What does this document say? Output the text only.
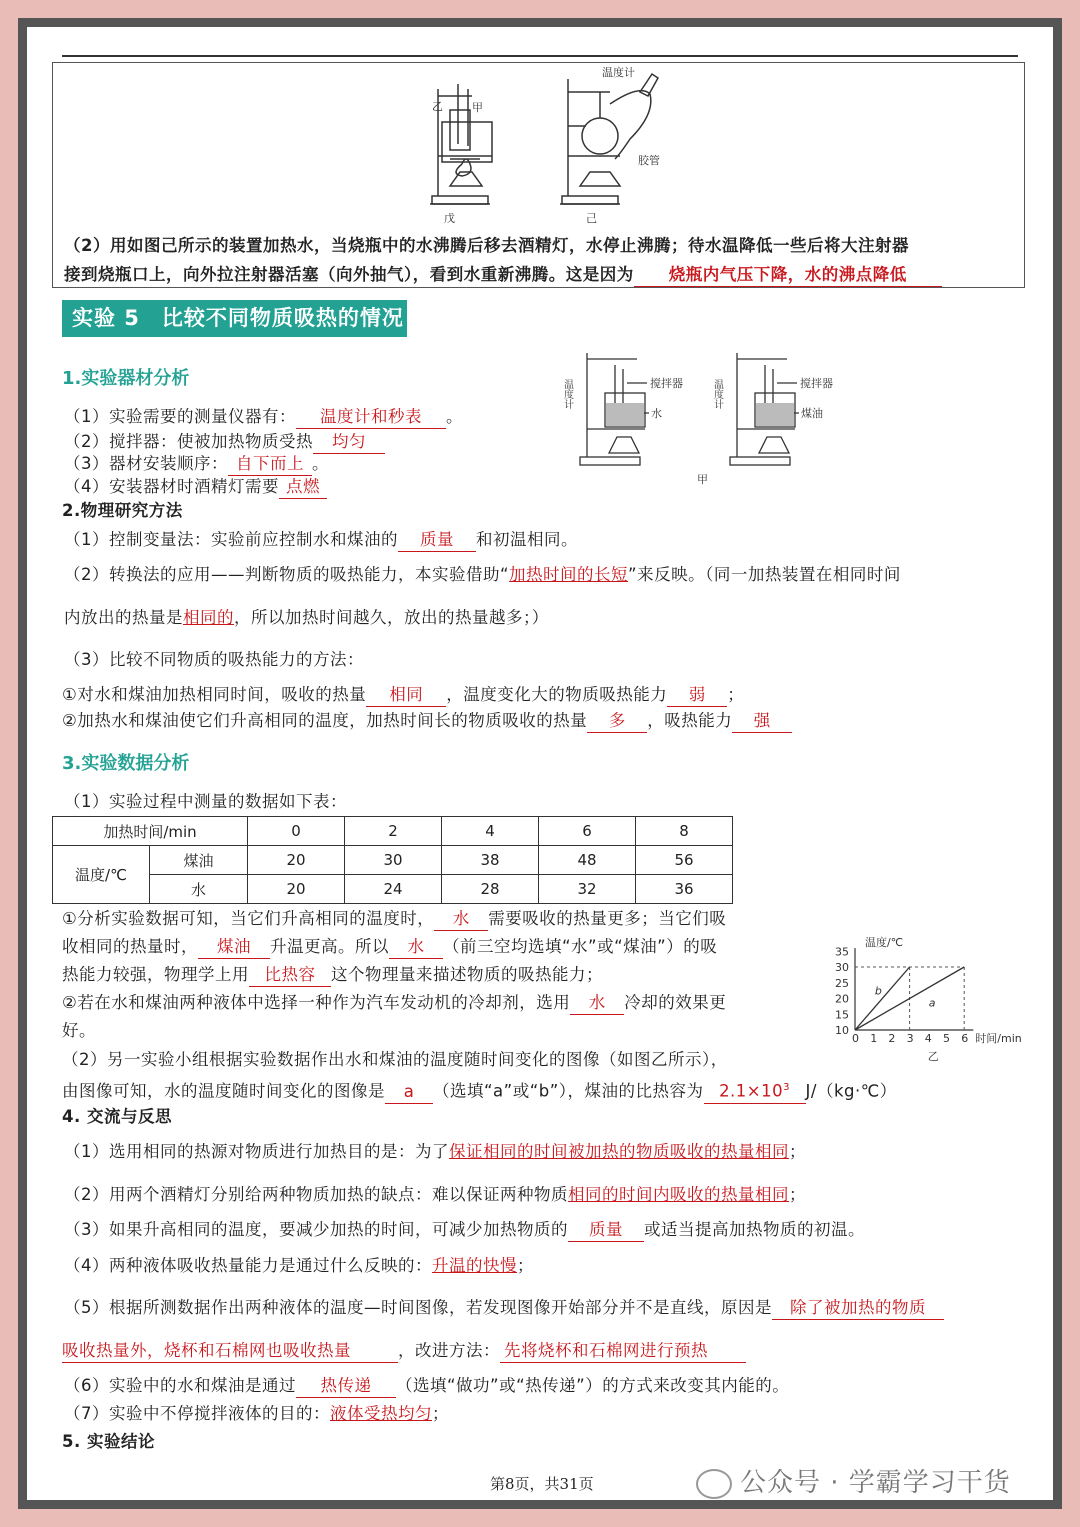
乙	甲
温度计
胶管
戊	己
（2）用如图己所示的装置加热水，当烧瓶中的水沸腾后移去酒精灯，水停止沸腾；待水温降低一些后将大注射器
接到烧瓶口上，向外拉注射器活塞（向外抽气），看到水重新沸腾。这是因为 烧瓶内气压下降，水的沸点降低
实验 5　比较不同物质吸热的情况
1.实验器材分析
（1）实验需要的测量仪器有： 温度计和秒表 。
（2）搅拌器：使被加热物质受热 均匀
（3）器材安装顺序： 自下而上 。
（4）安装器材时酒精灯需要 点燃
温度计	温度计
搅拌器
水
搅拌器
煤油
甲
2.物理研究方法
（1）控制变量法：实验前应控制水和煤油的 质量 和初温相同。
（2）转换法的应用——判断物质的吸热能力，本实验借助“加热时间的长短”来反映。（同一加热装置在相同时间
内放出的热量是相同的，所以加热时间越久，放出的热量越多；）
（3）比较不同物质的吸热能力的方法：
①对水和煤油加热相同时间，吸收的热量 相同 ，温度变化大的物质吸热能力 弱 ；
②加热水和煤油使它们升高相同的温度，加热时间长的物质吸收的热量 多 ，吸热能力 强
3.实验数据分析
（1）实验过程中测量的数据如下表：
加热时间/min		0	2	4	6	8
温度/℃	煤油	20	30	38	48	56
	水	20	24	28	32	36
①分析实验数据可知，当它们升高相同的温度时， 水 需要吸收的热量更多；当它们吸
收相同的热量时， 煤油 升温更高。所以 水 （前三空均选填“水”或“煤油”）的吸
热能力较强，物理学上用 比热容 这个物理量来描述物质的吸热能力；
②若在水和煤油两种液体中选择一种作为汽车发动机的冷却剂，选用 水 冷却的效果更
好。
（2）另一实验小组根据实验数据作出水和煤油的温度随时间变化的图像（如图乙所示），
由图像可知，水的温度随时间变化的图像是 a （选填“a”或“b”），煤油的比热容为 $2.1\times 10^3$ J/（kg·℃）
0 1 2 3 4 5 6
10
15
20
25
30
35
温度/℃
时间/min
乙
a
b
4. 交流与反思
（1）选用相同的热源对物质进行加热目的是：为了保证相同的时间被加热的物质吸收的热量相同；
（2）用两个酒精灯分别给两种物质加热的缺点：难以保证两种物质相同的时间内吸收的热量相同；
（3）如果升高相同的温度，要减少加热的时间，可减少加热物质的 质量 或适当提高加热物质的初温。
（4）两种液体吸收热量能力是通过什么反映的：升温的快慢；
（5）根据所测数据作出两种液体的温度—时间图像，若发现图像开始部分并不是直线，原因是 除了被加热的物质
吸收热量外，烧杯和石棉网也吸收热量	，改进方法： 先将烧杯和石棉网进行预热
（6）实验中的水和煤油是通过 热传递 （选填“做功”或“热传递”）的方式来改变其内能的。
（7）实验中不停搅拌液体的目的：液体受热均匀；
5. 实验结论
第8页，共31页	公众号 · 学霸学习干货
